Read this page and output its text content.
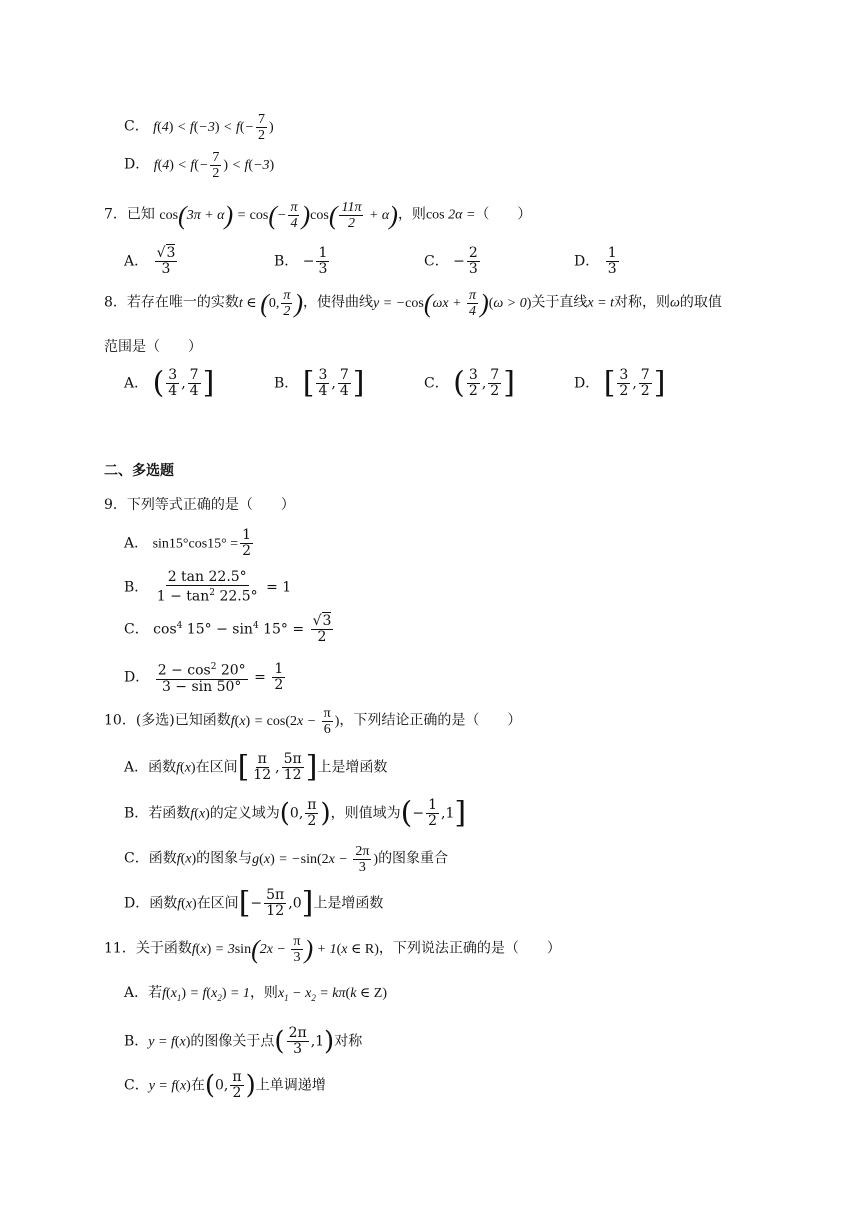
C． $f(4) < f(-3) < f(- \frac{7}{2}$ )
D． $f(4) < f(- \frac{7}{2}$ ) < f(−3)
7．已知 $\cos(3\pi + \alpha) = \cos(- \frac{\pi}{4} )\cos( \frac{11\pi}{2} + \alpha)$，则cos 2α =（　　）
A． $\frac{√3}{3}$	B． − $\frac{1}{3}$	C． − $\frac{2}{3}$	D． $\frac{1}{3}$
8．若存在唯一的实数t ∈ (0, $\frac{\pi}{2}$ )，使得曲线$y = -\cos(\omega x + \frac{\pi}{4} )(\omega > 0)$关于直线x = t对称，则ω的取值
范围是（　　）
A． ( $\frac{3}{4}$ , $\frac{7}{4}$ ]	B． [ $\frac{3}{4}$ , $\frac{7}{4}$ ]	C． ( $\frac{3}{2}$ , $\frac{7}{2}$ ]	D． [ $\frac{3}{2}$ , $\frac{7}{2}$ ]
二、多选题
9．下列等式正确的是（　　）
A． $\sin 15^\circ\cos 15^\circ = \frac{1}{2}$
B． $\frac{2 \tan 22.5^\circ}{1 - \tan^2 22.5^\circ} = 1$
C． $\cos^4 15^\circ - \sin^4 15^\circ = \frac{√3}{2}$
D． $\frac{2 - \cos^2 20^\circ}{3 - \sin 50^\circ} = \frac{1}{2}$
10．(多选)已知函数$f(x) = \cos(2x - \frac{\pi}{6}$ )，下列结论正确的是（　　）
A．函数f(x)在区间[ $\frac{\pi}{12}$ , $\frac{5\pi}{12}$ ]上是增函数
B．若函数f(x)的定义域为(0, $\frac{\pi}{2}$ )，则值域为(− $\frac{1}{2} ,1$]
C．函数f(x)的图象与$g(x) = -\sin(2x - \frac{2\pi}{3}$ )的图象重合
D．函数f(x)在区间[− $\frac{5\pi}{12} ,0$]上是增函数
11．关于函数$f(x) = 3\sin(2x - \frac{\pi}{3}$ ) + 1(x ∈ R)，下列说法正确的是（　　）
A．若$f(x_1) = f(x_2) = 1$，则$x_1 - x_2 = k\pi(k$ ∈ Z)
B．y = f(x)的图像关于点( $\frac{2\pi}{3} ,1$)对称
C．y = f(x)在(0, $\frac{\pi}{2}$ )上单调递增
